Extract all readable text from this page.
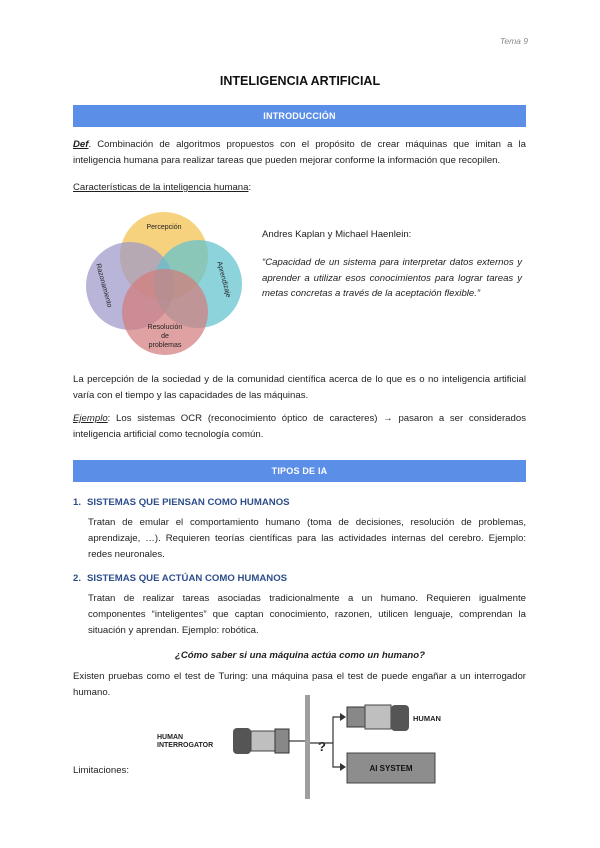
Tema 9
INTELIGENCIA ARTIFICIAL
INTRODUCCIÓN
Def. Combinación de algoritmos propuestos con el propósito de crear máquinas que imitan a la inteligencia humana para realizar tareas que pueden mejorar conforme la información que recopilen.
Características de la inteligencia humana:
Percepción
Razonamiento	Aprendizaje
Resolución
de
problemas
Andres Kaplan y Michael Haenlein:
“Capacidad de un sistema para interpretar datos externos y aprender a utilizar esos conocimientos para lograr tareas y metas concretas a través de la aceptación flexible.”
La percepción de la sociedad y de la comunidad científica acerca de lo que es o no inteligencia artificial varía con el tiempo y las capacidades de las máquinas.
Ejemplo: Los sistemas OCR (reconocimiento óptico de caracteres) → pasaron a ser considerados inteligencia artificial como tecnología común.
TIPOS DE IA
1. SISTEMAS QUE PIENSAN COMO HUMANOS
Tratan de emular el comportamiento humano (toma de decisiones, resolución de problemas, aprendizaje, …). Requieren teorías científicas para las actividades internas del cerebro. Ejemplo: redes neuronales.
2. SISTEMAS QUE ACTÚAN COMO HUMANOS
Tratan de realizar tareas asociadas tradicionalmente a un humano. Requieren igualmente componentes “inteligentes” que captan conocimiento, razonen, utilicen lenguaje, comprendan la situación y aprendan. Ejemplo: robótica.
¿Cómo saber si una máquina actúa como un humano?
Existen pruebas como el test de Turing: una máquina pasa el test de puede engañar a un interrogador humano.
HUMAN
INTERROGATOR	?
HUMAN
AI SYSTEM
Limitaciones:
